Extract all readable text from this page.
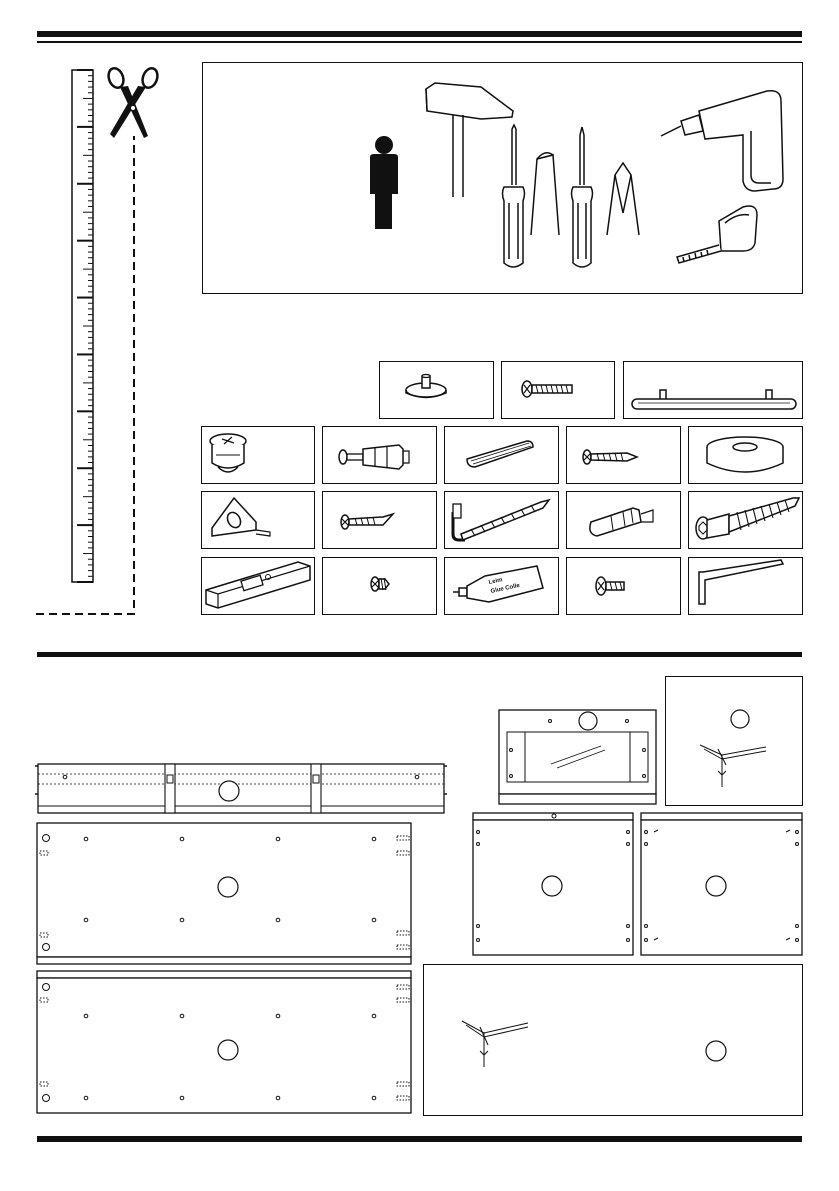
Leim
Glue Colle
